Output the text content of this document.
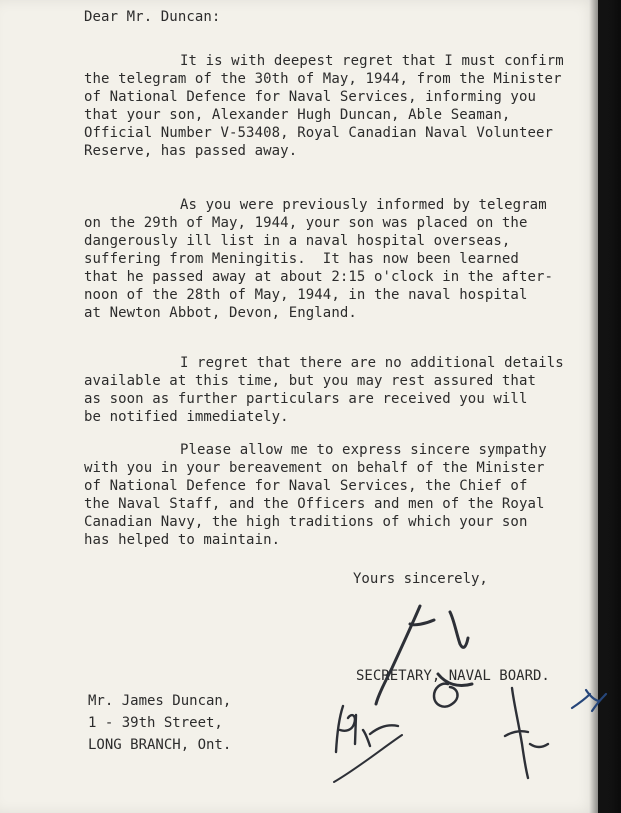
Dear Mr. Duncan:
It is with deepest regret that I must confirm
the telegram of the 30th of May, 1944, from the Minister
of National Defence for Naval Services, informing you
that your son, Alexander Hugh Duncan, Able Seaman,
Official Number V-53408, Royal Canadian Naval Volunteer
Reserve, has passed away.
As you were previously informed by telegram
on the 29th of May, 1944, your son was placed on the
dangerously ill list in a naval hospital overseas,
suffering from Meningitis.  It has now been learned
that he passed away at about 2:15 o'clock in the after-
noon of the 28th of May, 1944, in the naval hospital
at Newton Abbot, Devon, England.
I regret that there are no additional details
available at this time, but you may rest assured that
as soon as further particulars are received you will
be notified immediately.
Please allow me to express sincere sympathy
with you in your bereavement on behalf of the Minister
of National Defence for Naval Services, the Chief of
the Naval Staff, and the Officers and men of the Royal
Canadian Navy, the high traditions of which your son
has helped to maintain.
Yours sincerely,
SECRETARY, NAVAL BOARD.
Mr. James Duncan,
1 - 39th Street,
LONG BRANCH, Ont.
